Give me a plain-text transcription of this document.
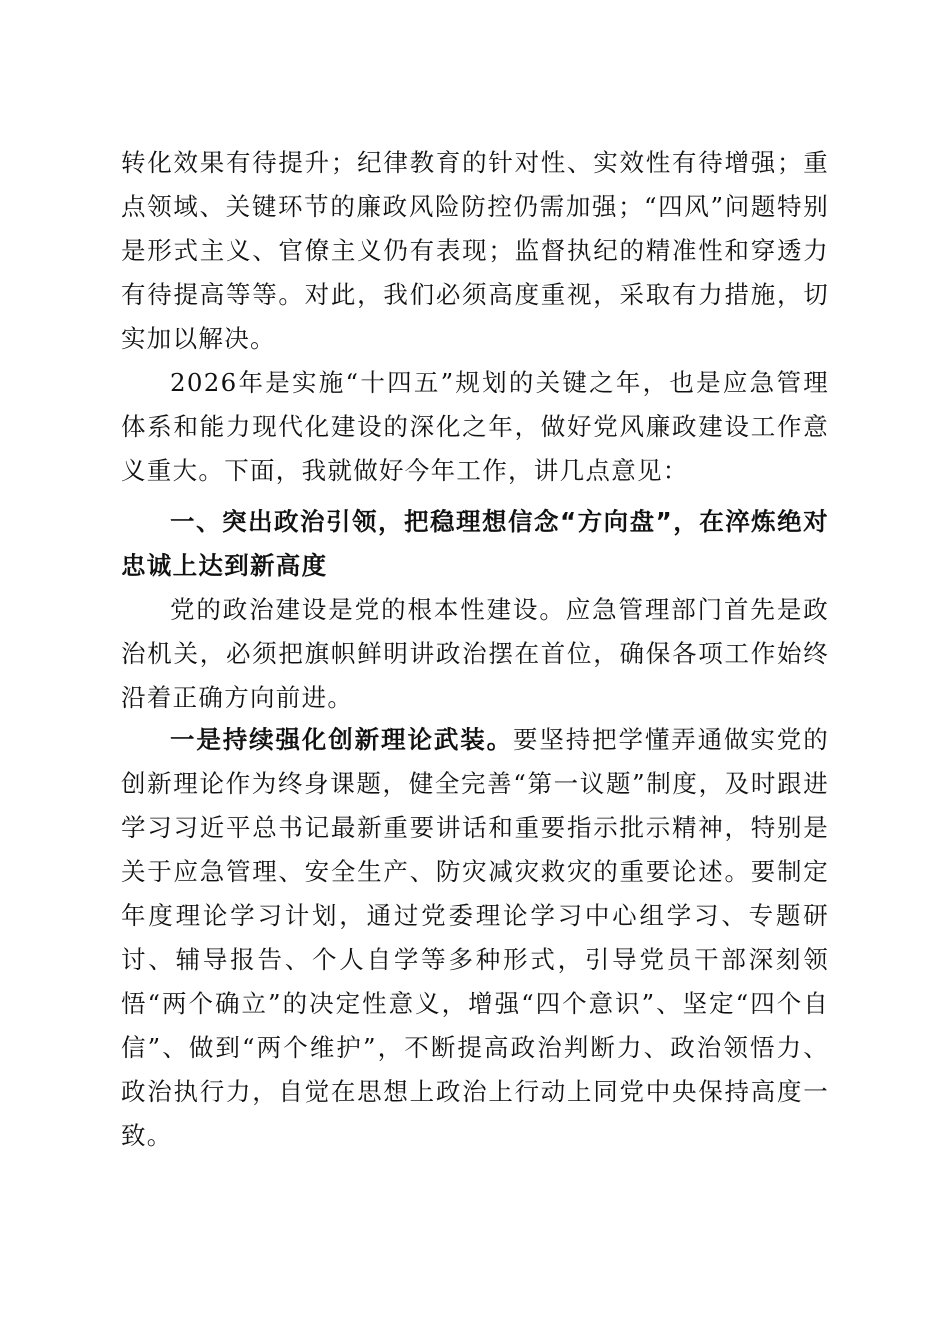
转化效果有待提升；纪律教育的针对性、实效性有待增强；重点领域、关键环节的廉政风险防控仍需加强；“四风”问题特别是形式主义、官僚主义仍有表现；监督执纪的精准性和穿透力有待提高等等。对此，我们必须高度重视，采取有力措施，切实加以解决。

2026年是实施“十四五”规划的关键之年，也是应急管理体系和能力现代化建设的深化之年，做好党风廉政建设工作意义重大。下面，我就做好今年工作，讲几点意见：

一、突出政治引领，把稳理想信念“方向盘”，在淬炼绝对忠诚上达到新高度

党的政治建设是党的根本性建设。应急管理部门首先是政治机关，必须把旗帜鲜明讲政治摆在首位，确保各项工作始终沿着正确方向前进。

一是持续强化创新理论武装。要坚持把学懂弄通做实党的创新理论作为终身课题，健全完善“第一议题”制度，及时跟进学习习近平总书记最新重要讲话和重要指示批示精神，特别是关于应急管理、安全生产、防灾减灾救灾的重要论述。要制定年度理论学习计划，通过党委理论学习中心组学习、专题研讨、辅导报告、个人自学等多种形式，引导党员干部深刻领悟“两个确立”的决定性意义，增强“四个意识”、坚定“四个自信”、做到“两个维护”，不断提高政治判断力、政治领悟力、政治执行力，自觉在思想上政治上行动上同党中央保持高度一致。
